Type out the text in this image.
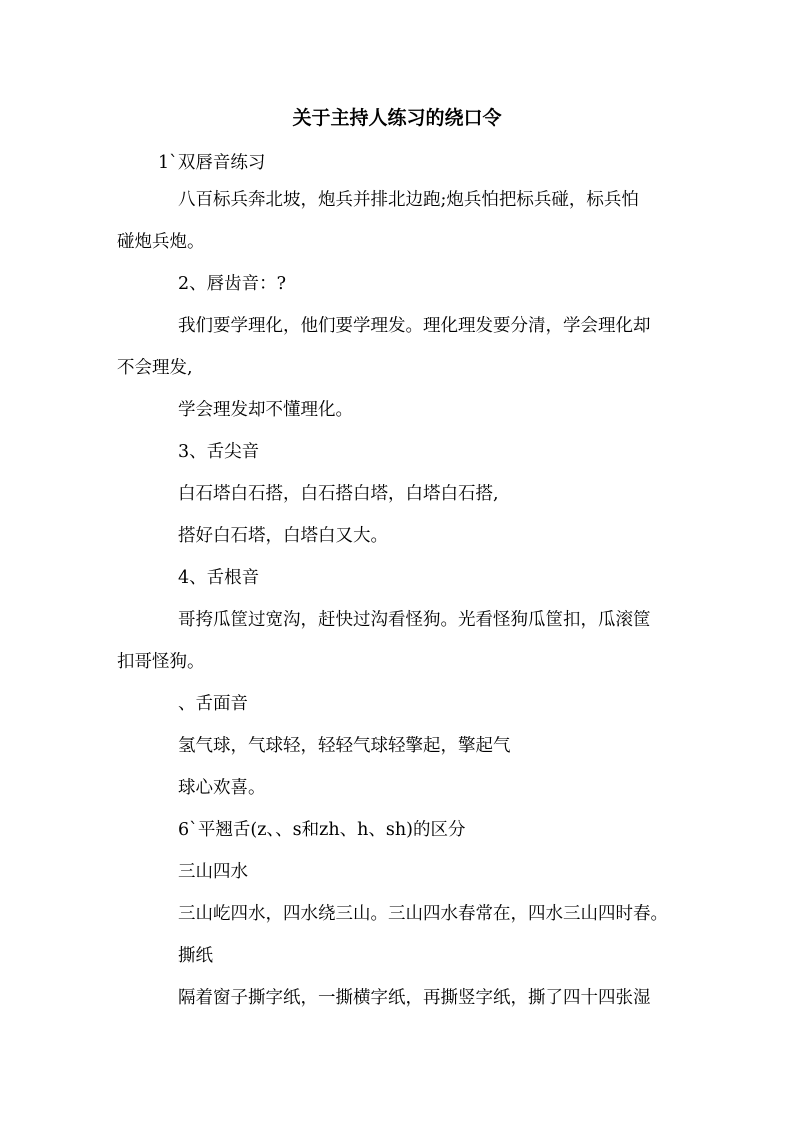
关于主持人练习的绕口令
1`双唇音练习
八百标兵奔北坡，炮兵并排北边跑;炮兵怕把标兵碰，标兵怕
碰炮兵炮。
2、唇齿音：?
我们要学理化，他们要学理发。理化理发要分清，学会理化却
不会理发,
学会理发却不懂理化。
3、舌尖音
白石塔白石搭，白石搭白塔，白塔白石搭,
搭好白石塔，白塔白又大。
4、舌根音
哥挎瓜筐过宽沟，赶快过沟看怪狗。光看怪狗瓜筐扣，瓜滚筐
扣哥怪狗。
、舌面音
氢气球，气球轻，轻轻气球轻擎起，擎起气
球心欢喜。
6`平翘舌(z、、s和zh、h、sh)的区分
三山四水
三山屹四水，四水绕三山。三山四水春常在，四水三山四时春。
撕纸
隔着窗子撕字纸，一撕横字纸，再撕竖字纸，撕了四十四张湿
